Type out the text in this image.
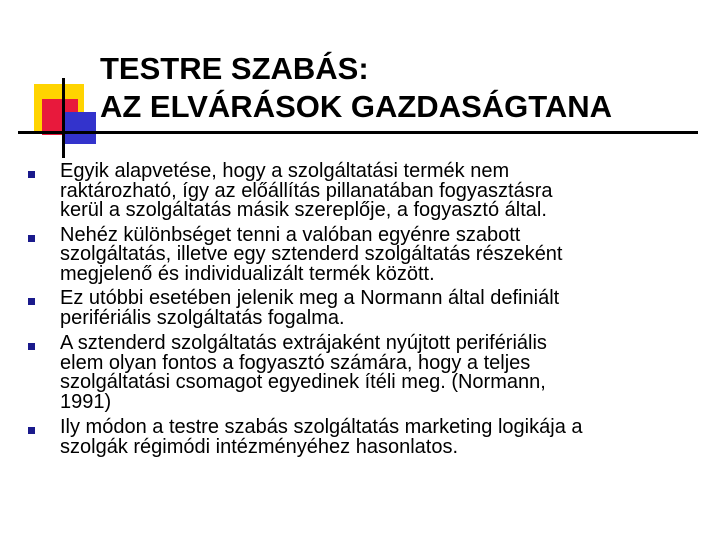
TESTRE SZABÁS:
AZ ELVÁRÁSOK GAZDASÁGTANA
Egyik alapvetése, hogy a szolgáltatási termék nem
raktározható, így az előállítás pillanatában fogyasztásra
kerül a szolgáltatás másik szereplője, a fogyasztó által.
Nehéz különbséget tenni a valóban egyénre szabott
szolgáltatás, illetve egy sztenderd szolgáltatás részeként
megjelenő és individualizált termék között.
Ez utóbbi esetében jelenik meg a Normann által definiált
perifériális szolgáltatás fogalma.
A sztenderd szolgáltatás extrájaként nyújtott perifériális
elem olyan fontos a fogyasztó számára, hogy a teljes
szolgáltatási csomagot egyedinek ítéli meg. (Normann,
1991)
Ily módon a testre szabás szolgáltatás marketing logikája a
szolgák régimódi intézményéhez hasonlatos.
